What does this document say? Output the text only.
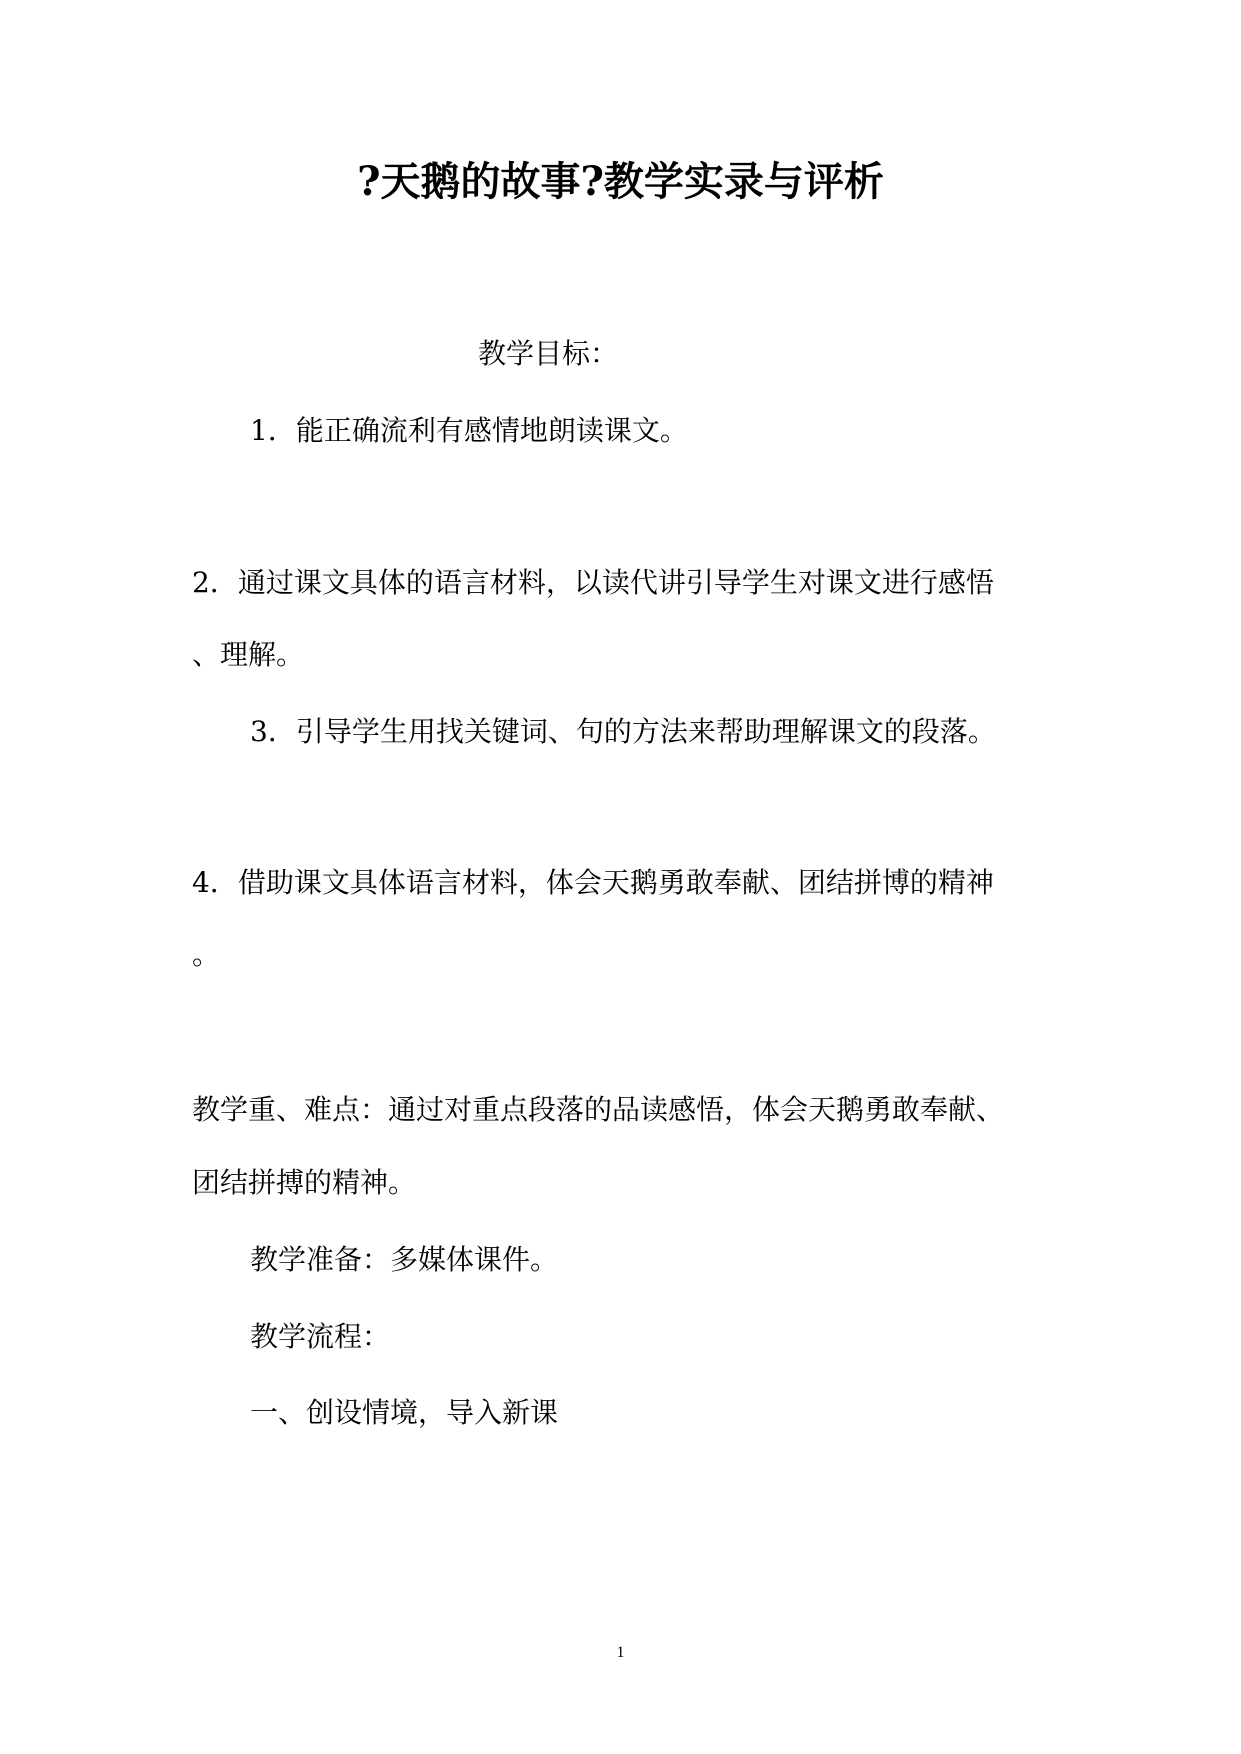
?天鹅的故事?教学实录与评析
教学目标：
1．能正确流利有感情地朗读课文。
2．通过课文具体的语言材料，以读代讲引导学生对课文进行感悟
、理解。
3．引导学生用找关键词、句的方法来帮助理解课文的段落。
4．借助课文具体语言材料，体会天鹅勇敢奉献、团结拼博的精神
。
教学重、难点：通过对重点段落的品读感悟，体会天鹅勇敢奉献、
团结拼搏的精神。
教学准备：多媒体课件。
教学流程：
一、创设情境，导入新课
1
